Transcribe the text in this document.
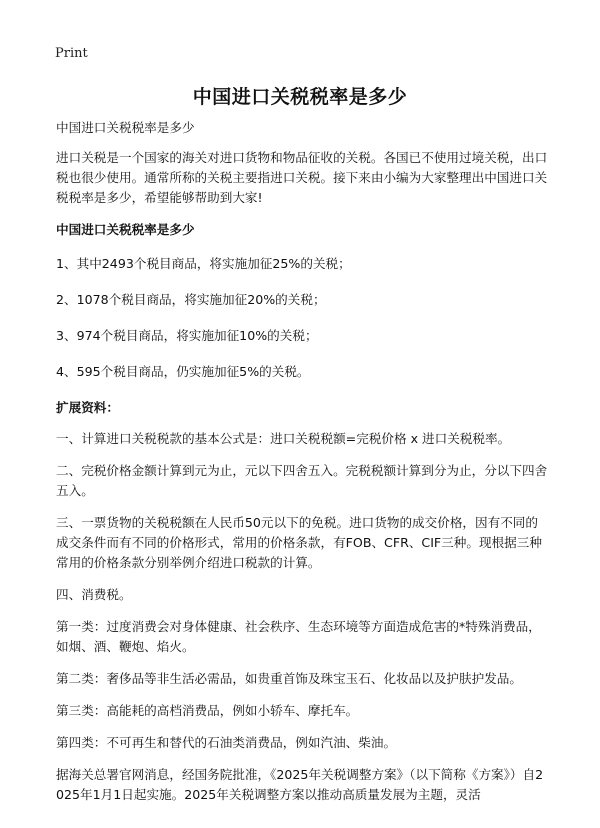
Print
中国进口关税税率是多少

中国进口关税税率是多少

进口关税是一个国家的海关对进口货物和物品征收的关税。各国已不使用过境关税，出口税也很少使用。通常所称的关税主要指进口关税。接下来由小编为大家整理出中国进口关税税率是多少，希望能够帮助到大家!

中国进口关税税率是多少

1、其中2493个税目商品，将实施加征25%的关税；

2、1078个税目商品，将实施加征20%的关税；

3、974个税目商品，将实施加征10%的关税；

4、595个税目商品，仍实施加征5%的关税。

扩展资料：

一、计算进口关税税款的基本公式是：进口关税税额=完税价格 x 进口关税税率。

二、完税价格金额计算到元为止，元以下四舍五入。完税税额计算到分为止，分以下四舍五入。

三、一票货物的关税税额在人民币50元以下的免税。进口货物的成交价格，因有不同的成交条件而有不同的价格形式，常用的价格条款，有FOB、CFR、CIF三种。现根据三种常用的价格条款分别举例介绍进口税款的计算。

四、消费税。

第一类：过度消费会对身体健康、社会秩序、生态环境等方面造成危害的*特殊消费品，如烟、酒、鞭炮、焰火。

第二类：奢侈品等非生活必需品，如贵重首饰及珠宝玉石、化妆品以及护肤护发品。

第三类：高能耗的高档消费品，例如小轿车、摩托车。

第四类：不可再生和替代的石油类消费品，例如汽油、柴油。

据海关总署官网消息，经国务院批准，《2025年关税调整方案》（以下简称《方案》）自2025年1月1日起实施。2025年关税调整方案以推动高质量发展为主题，灵活
